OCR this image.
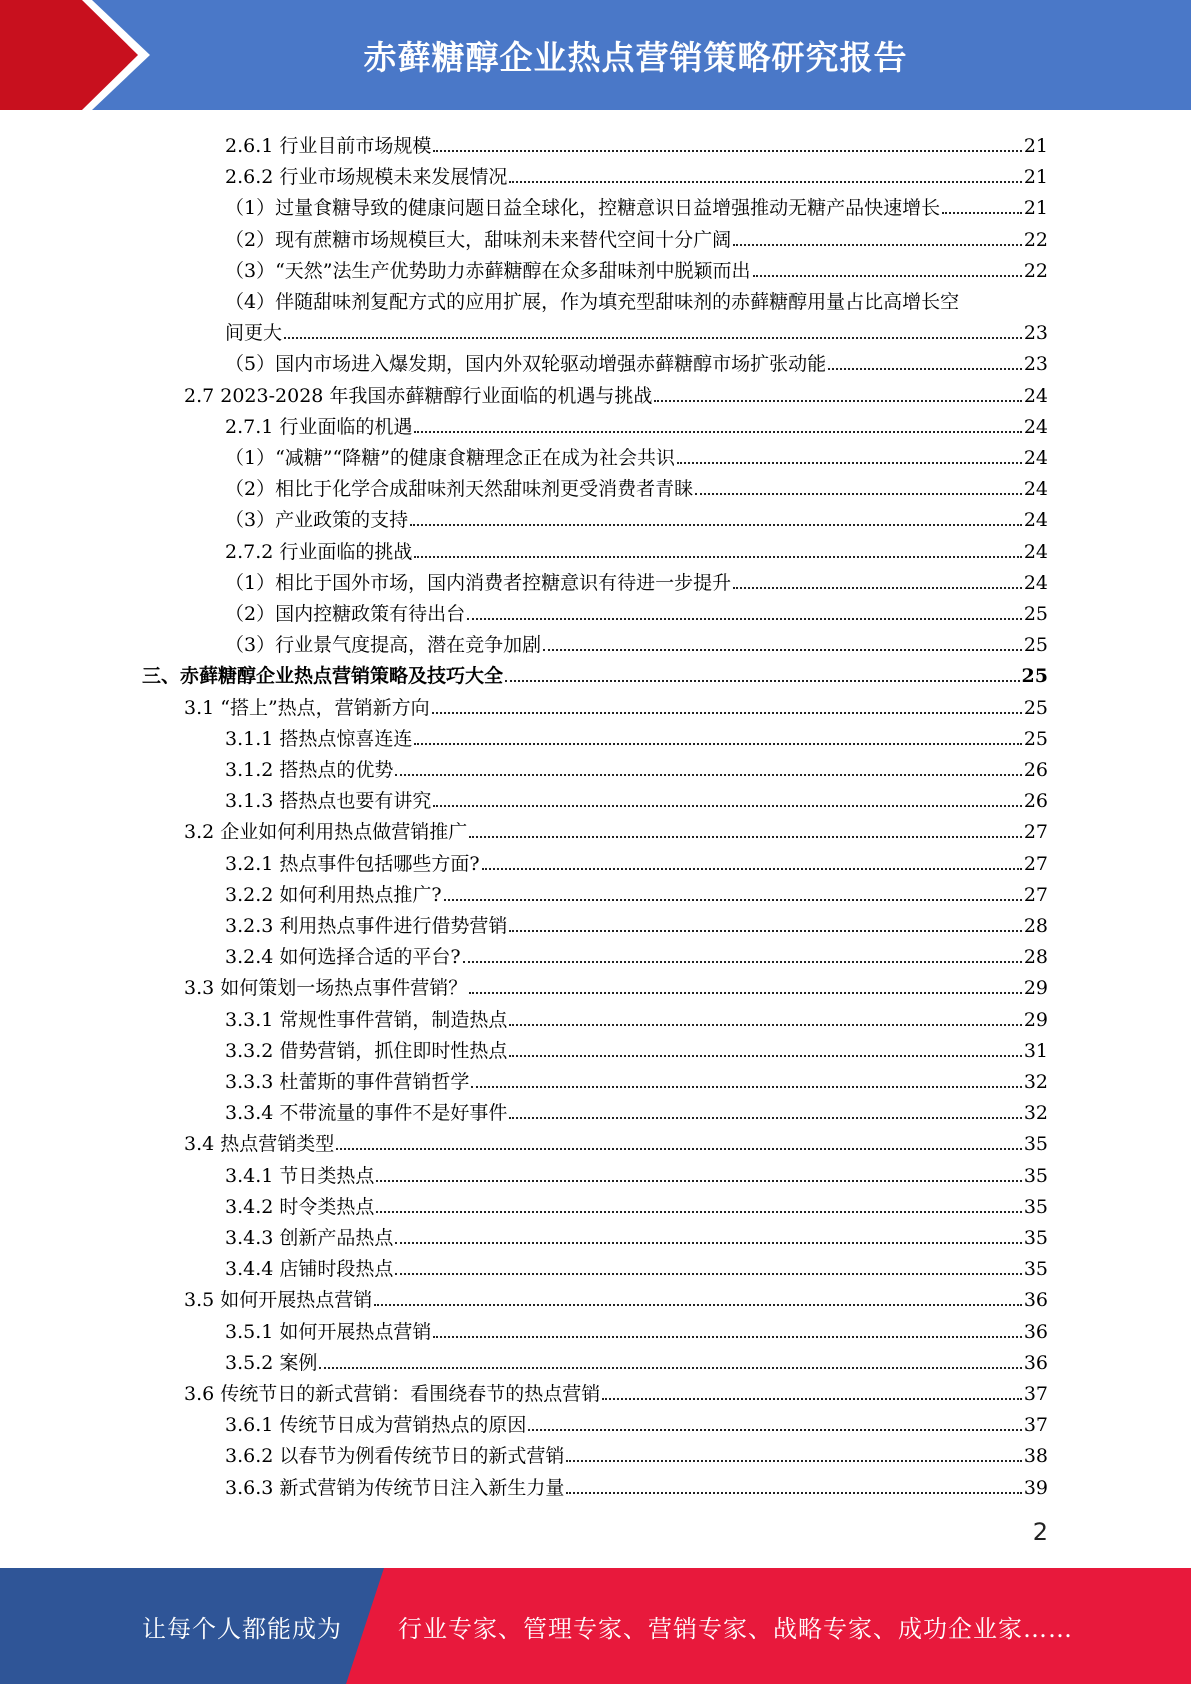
赤藓糖醇企业热点营销策略研究报告
2.6.1 行业目前市场规模	21
2.6.2 行业市场规模未来发展情况	21
（1）过量食糖导致的健康问题日益全球化，控糖意识日益增强推动无糖产品快速增长	21
（2）现有蔗糖市场规模巨大，甜味剂未来替代空间十分广阔	22
（3）“天然”法生产优势助力赤藓糖醇在众多甜味剂中脱颖而出	22
（4）伴随甜味剂复配方式的应用扩展，作为填充型甜味剂的赤藓糖醇用量占比高增长空
间更大	23
（5）国内市场进入爆发期，国内外双轮驱动增强赤藓糖醇市场扩张动能	23
2.7 2023-2028 年我国赤藓糖醇行业面临的机遇与挑战	24
2.7.1 行业面临的机遇	24
（1）“减糖”“降糖”的健康食糖理念正在成为社会共识	24
（2）相比于化学合成甜味剂天然甜味剂更受消费者青睐	24
（3）产业政策的支持	24
2.7.2 行业面临的挑战	24
（1）相比于国外市场，国内消费者控糖意识有待进一步提升	24
（2）国内控糖政策有待出台	25
（3）行业景气度提高，潜在竞争加剧	25
三、赤藓糖醇企业热点营销策略及技巧大全	25
3.1 “搭上”热点，营销新方向	25
3.1.1 搭热点惊喜连连	25
3.1.2 搭热点的优势	26
3.1.3 搭热点也要有讲究	26
3.2 企业如何利用热点做营销推广	27
3.2.1 热点事件包括哪些方面?	27
3.2.2 如何利用热点推广?	27
3.2.3 利用热点事件进行借势营销	28
3.2.4 如何选择合适的平台?	28
3.3 如何策划一场热点事件营销？	29
3.3.1 常规性事件营销，制造热点	29
3.3.2 借势营销，抓住即时性热点	31
3.3.3 杜蕾斯的事件营销哲学	32
3.3.4 不带流量的事件不是好事件	32
3.4 热点营销类型	35
3.4.1 节日类热点	35
3.4.2 时令类热点	35
3.4.3 创新产品热点	35
3.4.4 店铺时段热点	35
3.5 如何开展热点营销	36
3.5.1 如何开展热点营销	36
3.5.2 案例	36
3.6 传统节日的新式营销：看围绕春节的热点营销	37
3.6.1 传统节日成为营销热点的原因	37
3.6.2 以春节为例看传统节日的新式营销	38
3.6.3 新式营销为传统节日注入新生力量	39
2
让每个人都能成为 行业专家、管理专家、营销专家、战略专家、成功企业家……
